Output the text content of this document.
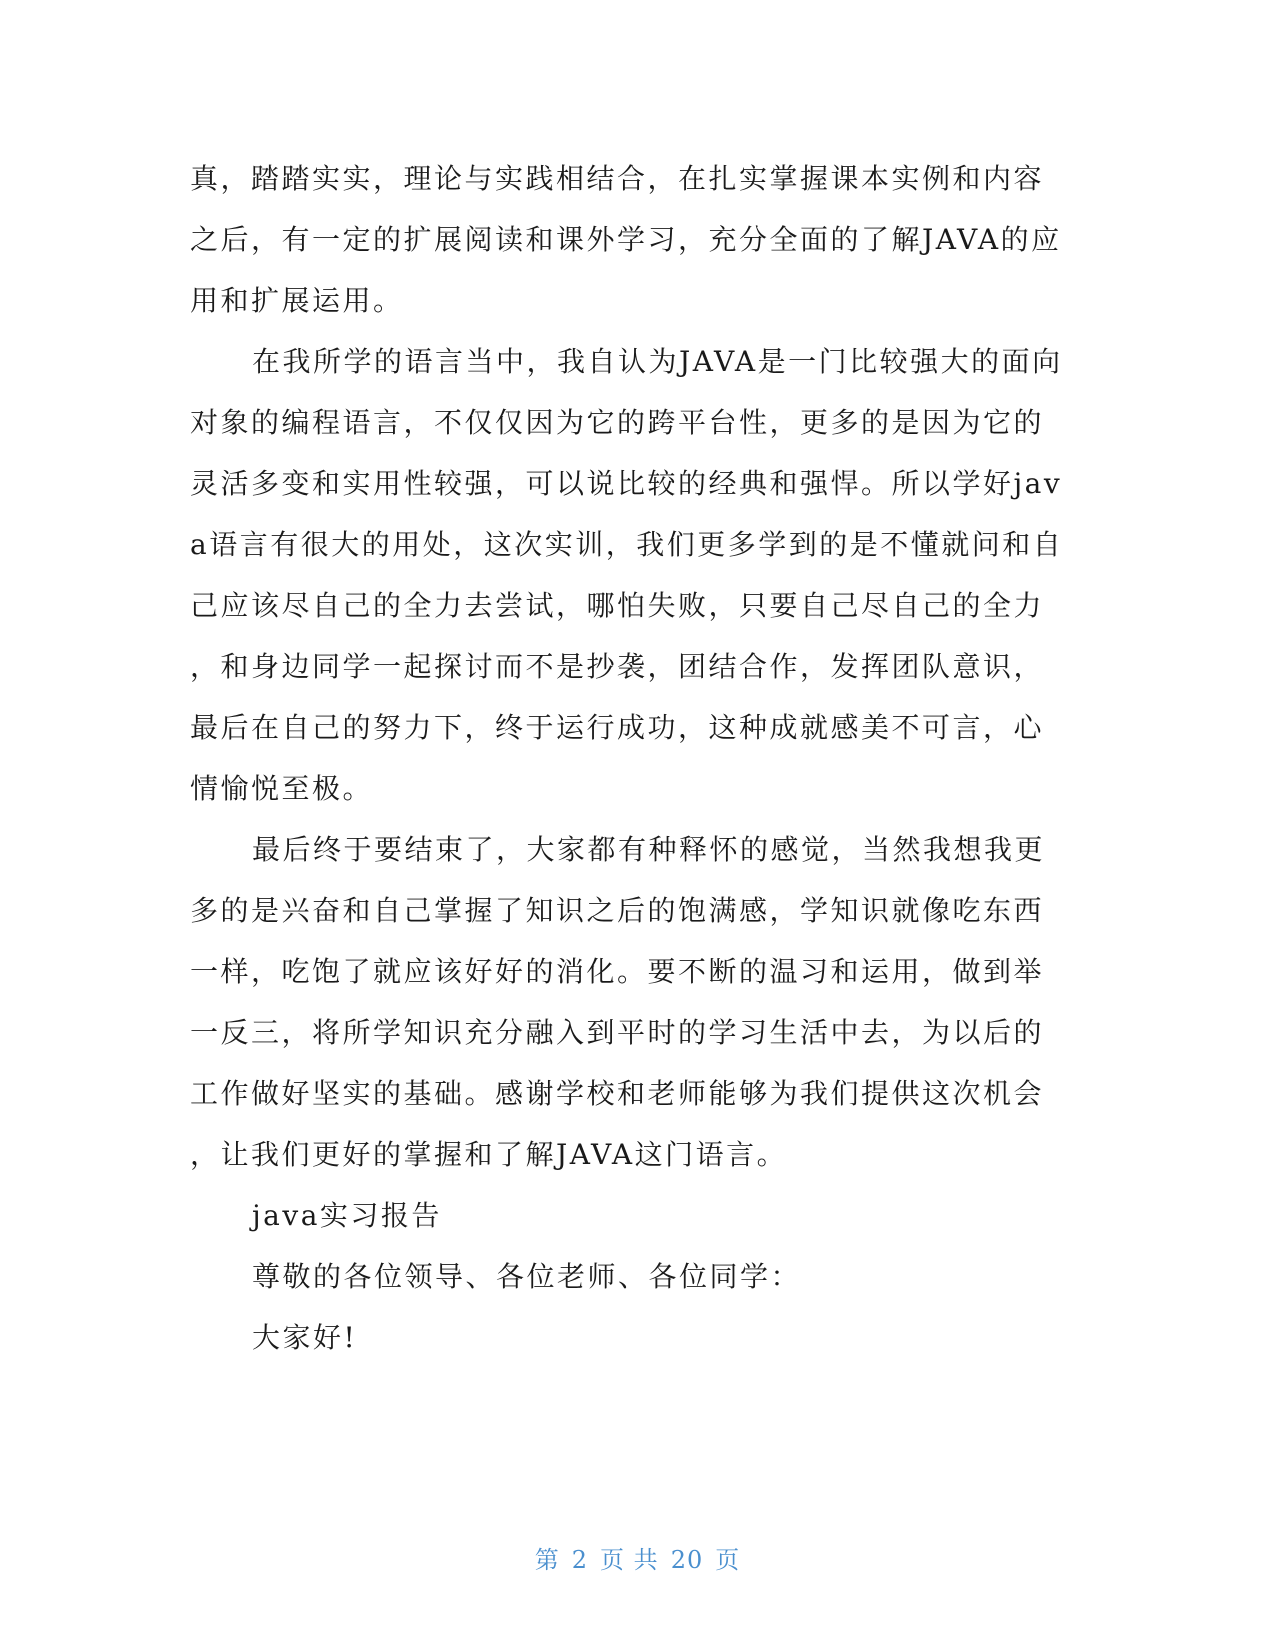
真，踏踏实实，理论与实践相结合，在扎实掌握课本实例和内容
之后，有一定的扩展阅读和课外学习，充分全面的了解JAVA的应
用和扩展运用。
在我所学的语言当中，我自认为JAVA是一门比较强大的面向
对象的编程语言，不仅仅因为它的跨平台性，更多的是因为它的
灵活多变和实用性较强，可以说比较的经典和强悍。所以学好jav
a语言有很大的用处，这次实训，我们更多学到的是不懂就问和自
己应该尽自己的全力去尝试，哪怕失败，只要自己尽自己的全力
，和身边同学一起探讨而不是抄袭，团结合作，发挥团队意识，
最后在自己的努力下，终于运行成功，这种成就感美不可言，心
情愉悦至极。
最后终于要结束了，大家都有种释怀的感觉，当然我想我更
多的是兴奋和自己掌握了知识之后的饱满感，学知识就像吃东西
一样，吃饱了就应该好好的消化。要不断的温习和运用，做到举
一反三，将所学知识充分融入到平时的学习生活中去，为以后的
工作做好坚实的基础。感谢学校和老师能够为我们提供这次机会
，让我们更好的掌握和了解JAVA这门语言。
java实习报告
尊敬的各位领导、各位老师、各位同学：
大家好!
第 2 页 共 20 页
